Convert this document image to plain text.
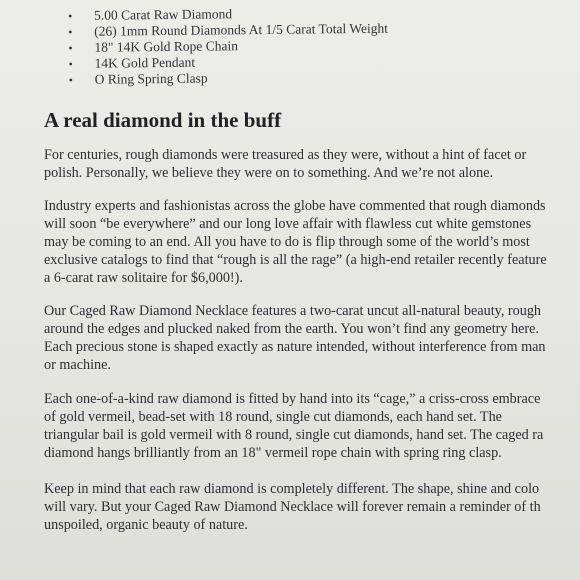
• 5.00 Carat Raw Diamond
• (26) 1mm Round Diamonds At 1/5 Carat Total Weight
• 18" 14K Gold Rope Chain
• 14K Gold Pendant
• O Ring Spring Clasp
A real diamond in the buff

For centuries, rough diamonds were treasured as they were, without a hint of facet or
polish. Personally, we believe they were on to something. And we’re not alone.

Industry experts and fashionistas across the globe have commented that rough diamonds
will soon “be everywhere” and our long love affair with flawless cut white gemstones
may be coming to an end. All you have to do is flip through some of the world’s most
exclusive catalogs to find that “rough is all the rage” (a high-end retailer recently feature
a 6-carat raw solitaire for $6,000!).

Our Caged Raw Diamond Necklace features a two-carat uncut all-natural beauty, rough
around the edges and plucked naked from the earth. You won’t find any geometry here.
Each precious stone is shaped exactly as nature intended, without interference from man
or machine.

Each one-of-a-kind raw diamond is fitted by hand into its “cage,” a criss-cross embrace
of gold vermeil, bead-set with 18 round, single cut diamonds, each hand set. The
triangular bail is gold vermeil with 8 round, single cut diamonds, hand set. The caged ra
diamond hangs brilliantly from an 18" vermeil rope chain with spring ring clasp.

Keep in mind that each raw diamond is completely different. The shape, shine and colo
will vary. But your Caged Raw Diamond Necklace will forever remain a reminder of th
unspoiled, organic beauty of nature.
